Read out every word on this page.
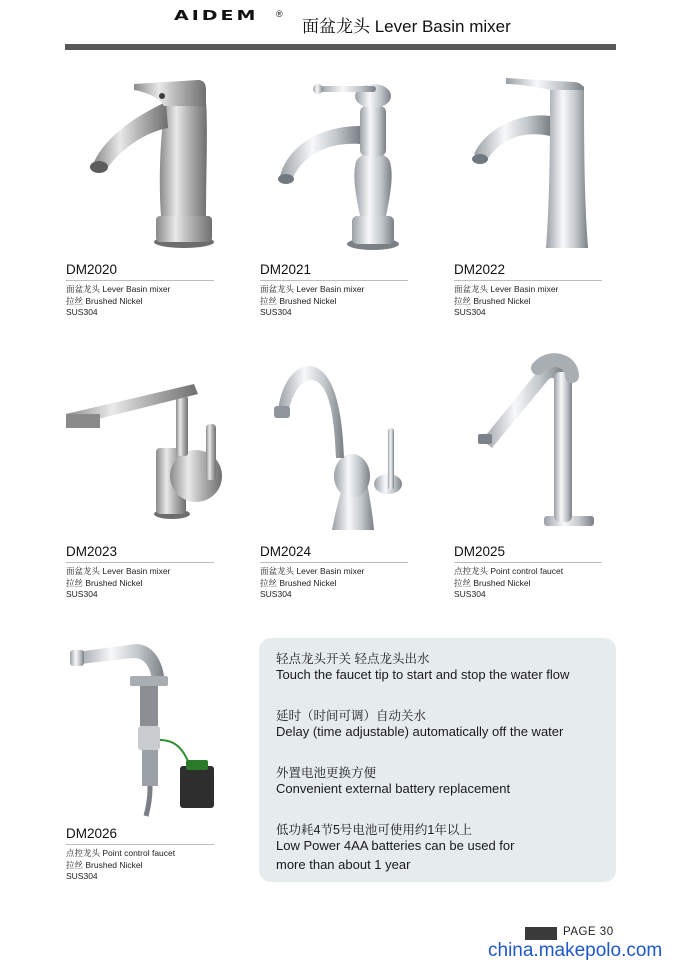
AIDEM ®
面盆龙头 Lever Basin mixer
DM2020
面盆龙头 Lever Basin mixer
拉丝 Brushed Nickel
SUS304
DM2021
面盆龙头 Lever Basin mixer
拉丝 Brushed Nickel
SUS304
DM2022
面盆龙头 Lever Basin mixer
拉丝 Brushed Nickel
SUS304
DM2023
面盆龙头 Lever Basin mixer
拉丝 Brushed Nickel
SUS304
DM2024
面盆龙头 Lever Basin mixer
拉丝 Brushed Nickel
SUS304
DM2025
点控龙头 Point control faucet
拉丝 Brushed Nickel
SUS304
DM2026
点控龙头 Point control faucet
拉丝 Brushed Nickel
SUS304
轻点龙头开关 轻点龙头出水
Touch the faucet tip to start and stop the water flow
延时（时间可调）自动关水
Delay (time adjustable) automatically off the water
外置电池更换方便
Convenient external battery replacement
低功耗4节5号电池可使用约1年以上
Low Power 4AA batteries can be used for
more than about 1 year
PAGE 30
china.makepolo.com
